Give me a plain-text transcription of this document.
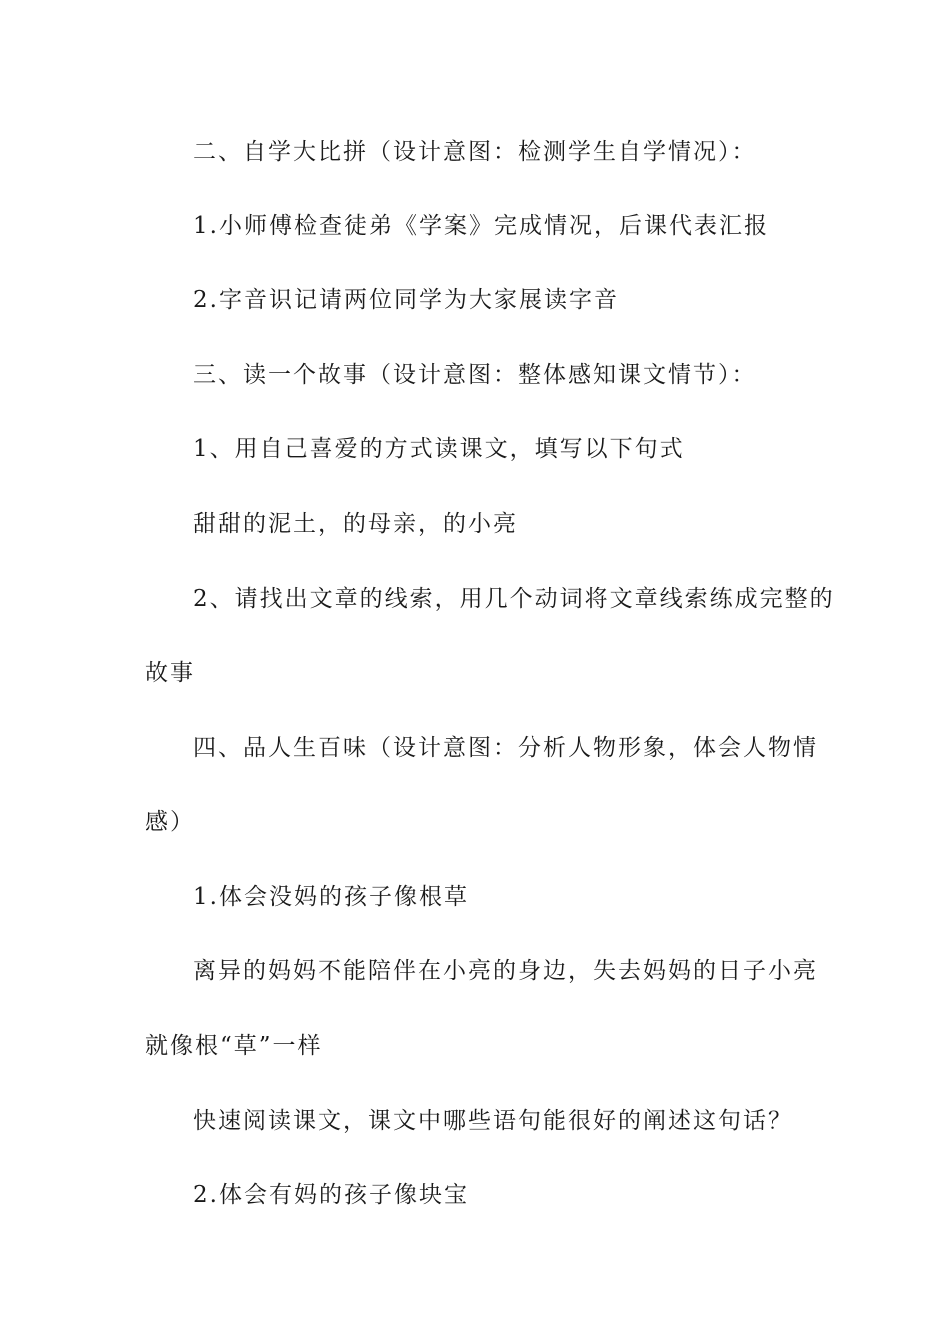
二、自学大比拼（设计意图：检测学生自学情况）：
1.小师傅检查徒弟《学案》完成情况，后课代表汇报
2.字音识记请两位同学为大家展读字音
三、读一个故事（设计意图：整体感知课文情节）：
1、用自己喜爱的方式读课文，填写以下句式
甜甜的泥土，的母亲，的小亮
2、请找出文章的线索，用几个动词将文章线索练成完整的
故事
四、品人生百味（设计意图：分析人物形象，体会人物情
感）
1.体会没妈的孩子像根草
离异的妈妈不能陪伴在小亮的身边，失去妈妈的日子小亮
就像根“草”一样
快速阅读课文，课文中哪些语句能很好的阐述这句话？
2.体会有妈的孩子像块宝
